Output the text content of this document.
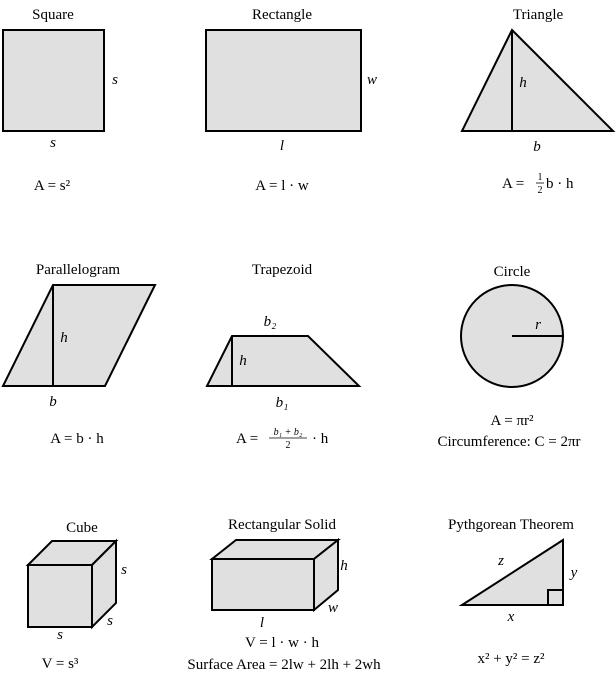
Square
s
s
A = s²
Rectangle
w
l
A = l · w
Triangle
h
b
A = 1
2 b · h
Parallelogram
h
b
A = b · h
Trapezoid
b₂
h
b₁
A = b₁ + b₂
2 · h
Circle
r
A = πr²
Circumference: C = 2πr
Cube
s
s
s
V = s³
Rectangular Solid
h
w
l
V = l · w · h
Surface Area = 2lw + 2lh + 2wh
Pythgorean Theorem
z
y
x
x² + y² = z²
